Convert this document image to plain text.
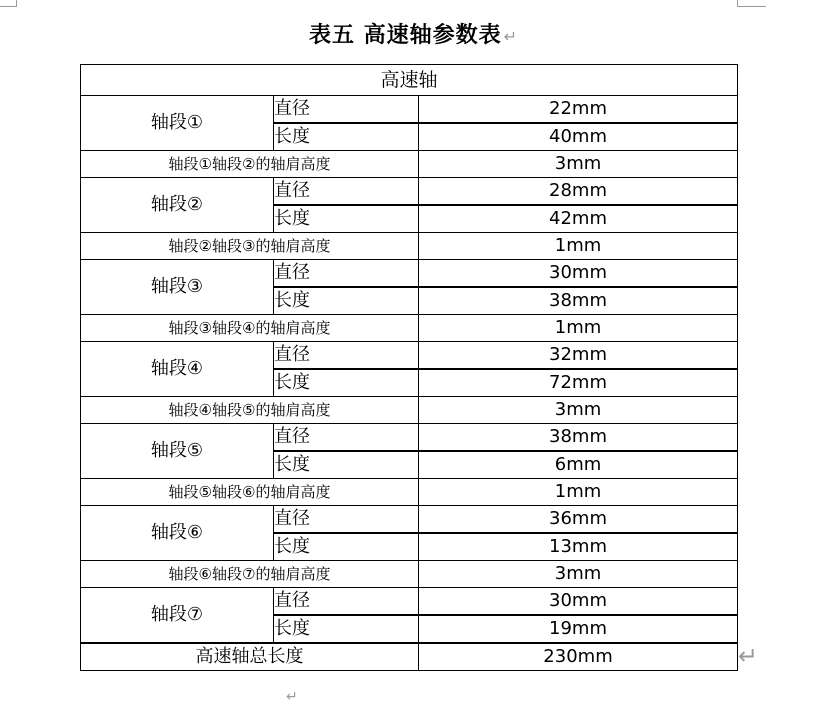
表五 高速轴参数表 ↵
高速轴		
轴段①	直径	22mm
	长度	40mm
轴段①轴段②的轴肩高度		3mm
轴段②	直径	28mm
	长度	42mm
轴段②轴段③的轴肩高度		1mm
轴段③	直径	30mm
	长度	38mm
轴段③轴段④的轴肩高度		1mm
轴段④	直径	32mm
	长度	72mm
轴段④轴段⑤的轴肩高度		3mm
轴段⑤	直径	38mm
	长度	6mm
轴段⑤轴段⑥的轴肩高度		1mm
轴段⑥	直径	36mm
	长度	13mm
轴段⑥轴段⑦的轴肩高度		3mm
轴段⑦	直径	30mm
	长度	19mm
高速轴总长度		230mm	↵
↵
